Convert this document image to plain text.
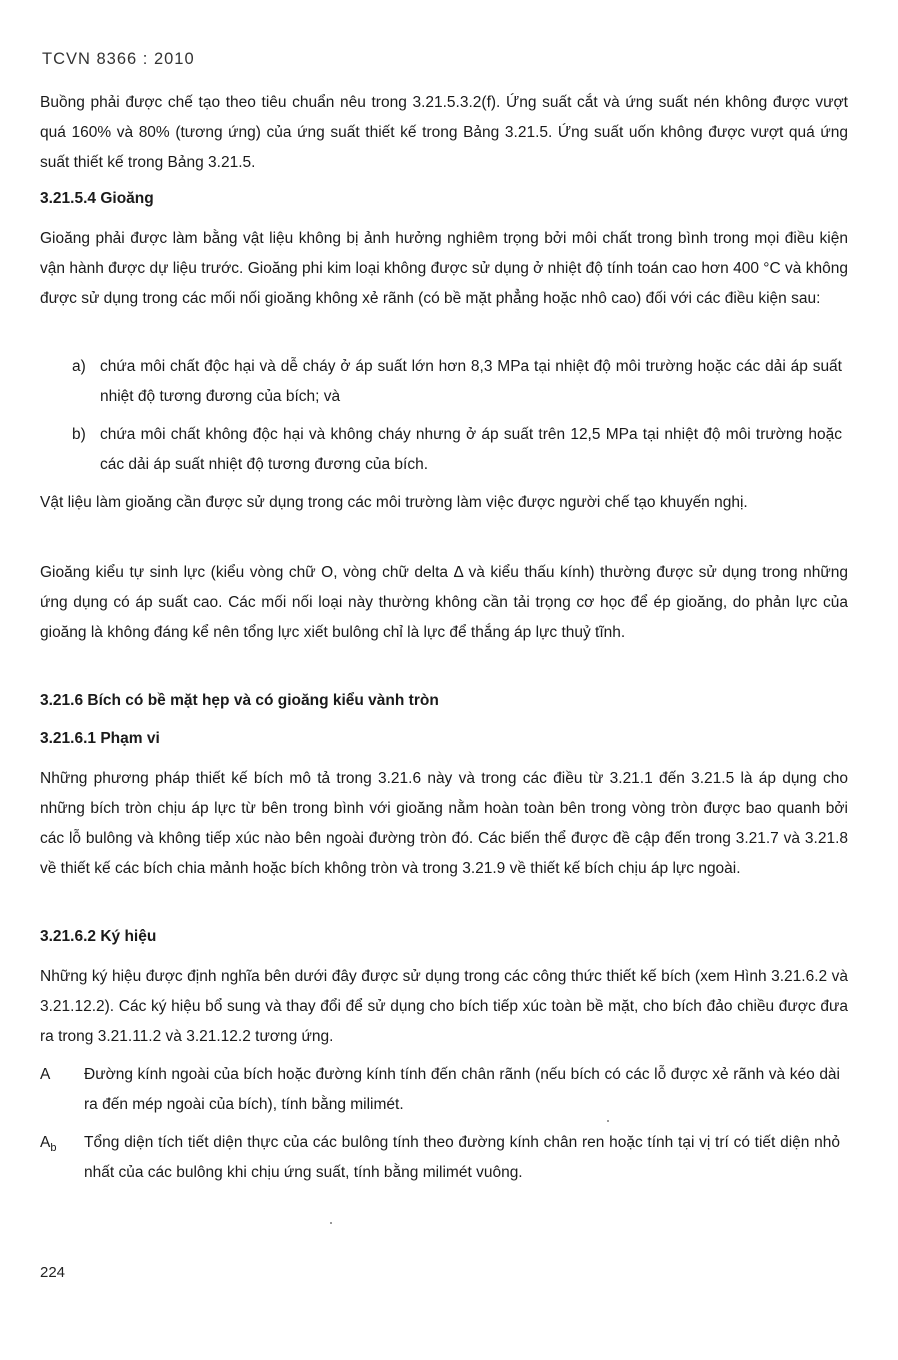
TCVN 8366 : 2010

Buồng phải được chế tạo theo tiêu chuẩn nêu trong 3.21.5.3.2(f). Ứng suất cắt và ứng suất nén không được vượt quá 160% và 80% (tương ứng) của ứng suất thiết kế trong Bảng 3.21.5. Ứng suất uốn không được vượt quá ứng suất thiết kế trong Bảng 3.21.5.

3.21.5.4 Gioăng

Gioăng phải được làm bằng vật liệu không bị ảnh hưởng nghiêm trọng bởi môi chất trong bình trong mọi điều kiện vận hành được dự liệu trước. Gioăng phi kim loại không được sử dụng ở nhiệt độ tính toán cao hơn 400 °C và không được sử dụng trong các mối nối gioăng không xẻ rãnh (có bề mặt phẳng hoặc nhô cao) đối với các điều kiện sau:

a) chứa môi chất độc hại và dễ cháy ở áp suất lớn hơn 8,3 MPa tại nhiệt độ môi trường hoặc các dải áp suất nhiệt độ tương đương của bích; và
b) chứa môi chất không độc hại và không cháy nhưng ở áp suất trên 12,5 MPa tại nhiệt độ môi trường hoặc các dải áp suất nhiệt độ tương đương của bích.

Vật liệu làm gioăng cần được sử dụng trong các môi trường làm việc được người chế tạo khuyến nghị.

Gioăng kiểu tự sinh lực (kiểu vòng chữ O, vòng chữ delta Δ và kiểu thấu kính) thường được sử dụng trong những ứng dụng có áp suất cao. Các mối nối loại này thường không cần tải trọng cơ học để ép gioăng, do phản lực của gioăng là không đáng kể nên tổng lực xiết bulông chỉ là lực để thắng áp lực thuỷ tĩnh.

3.21.6 Bích có bề mặt hẹp và có gioăng kiểu vành tròn

3.21.6.1 Phạm vi

Những phương pháp thiết kế bích mô tả trong 3.21.6 này và trong các điều từ 3.21.1 đến 3.21.5 là áp dụng cho những bích tròn chịu áp lực từ bên trong bình với gioăng nằm hoàn toàn bên trong vòng tròn được bao quanh bởi các lỗ bulông và không tiếp xúc nào bên ngoài đường tròn đó. Các biến thể được đề cập đến trong 3.21.7 và 3.21.8 về thiết kế các bích chia mảnh hoặc bích không tròn và trong 3.21.9 về thiết kế bích chịu áp lực ngoài.

3.21.6.2 Ký hiệu

Những ký hiệu được định nghĩa bên dưới đây được sử dụng trong các công thức thiết kế bích (xem Hình 3.21.6.2 và 3.21.12.2). Các ký hiệu bổ sung và thay đổi để sử dụng cho bích tiếp xúc toàn bề mặt, cho bích đảo chiều được đưa ra trong 3.21.11.2 và 3.21.12.2 tương ứng.

A Đường kính ngoài của bích hoặc đường kính tính đến chân rãnh (nếu bích có các lỗ được xẻ rãnh và kéo dài ra đến mép ngoài của bích), tính bằng milimét.
$A_b$ Tổng diện tích tiết diện thực của các bulông tính theo đường kính chân ren hoặc tính tại vị trí có tiết diện nhỏ nhất của các bulông khi chịu ứng suất, tính bằng milimét vuông.
224
